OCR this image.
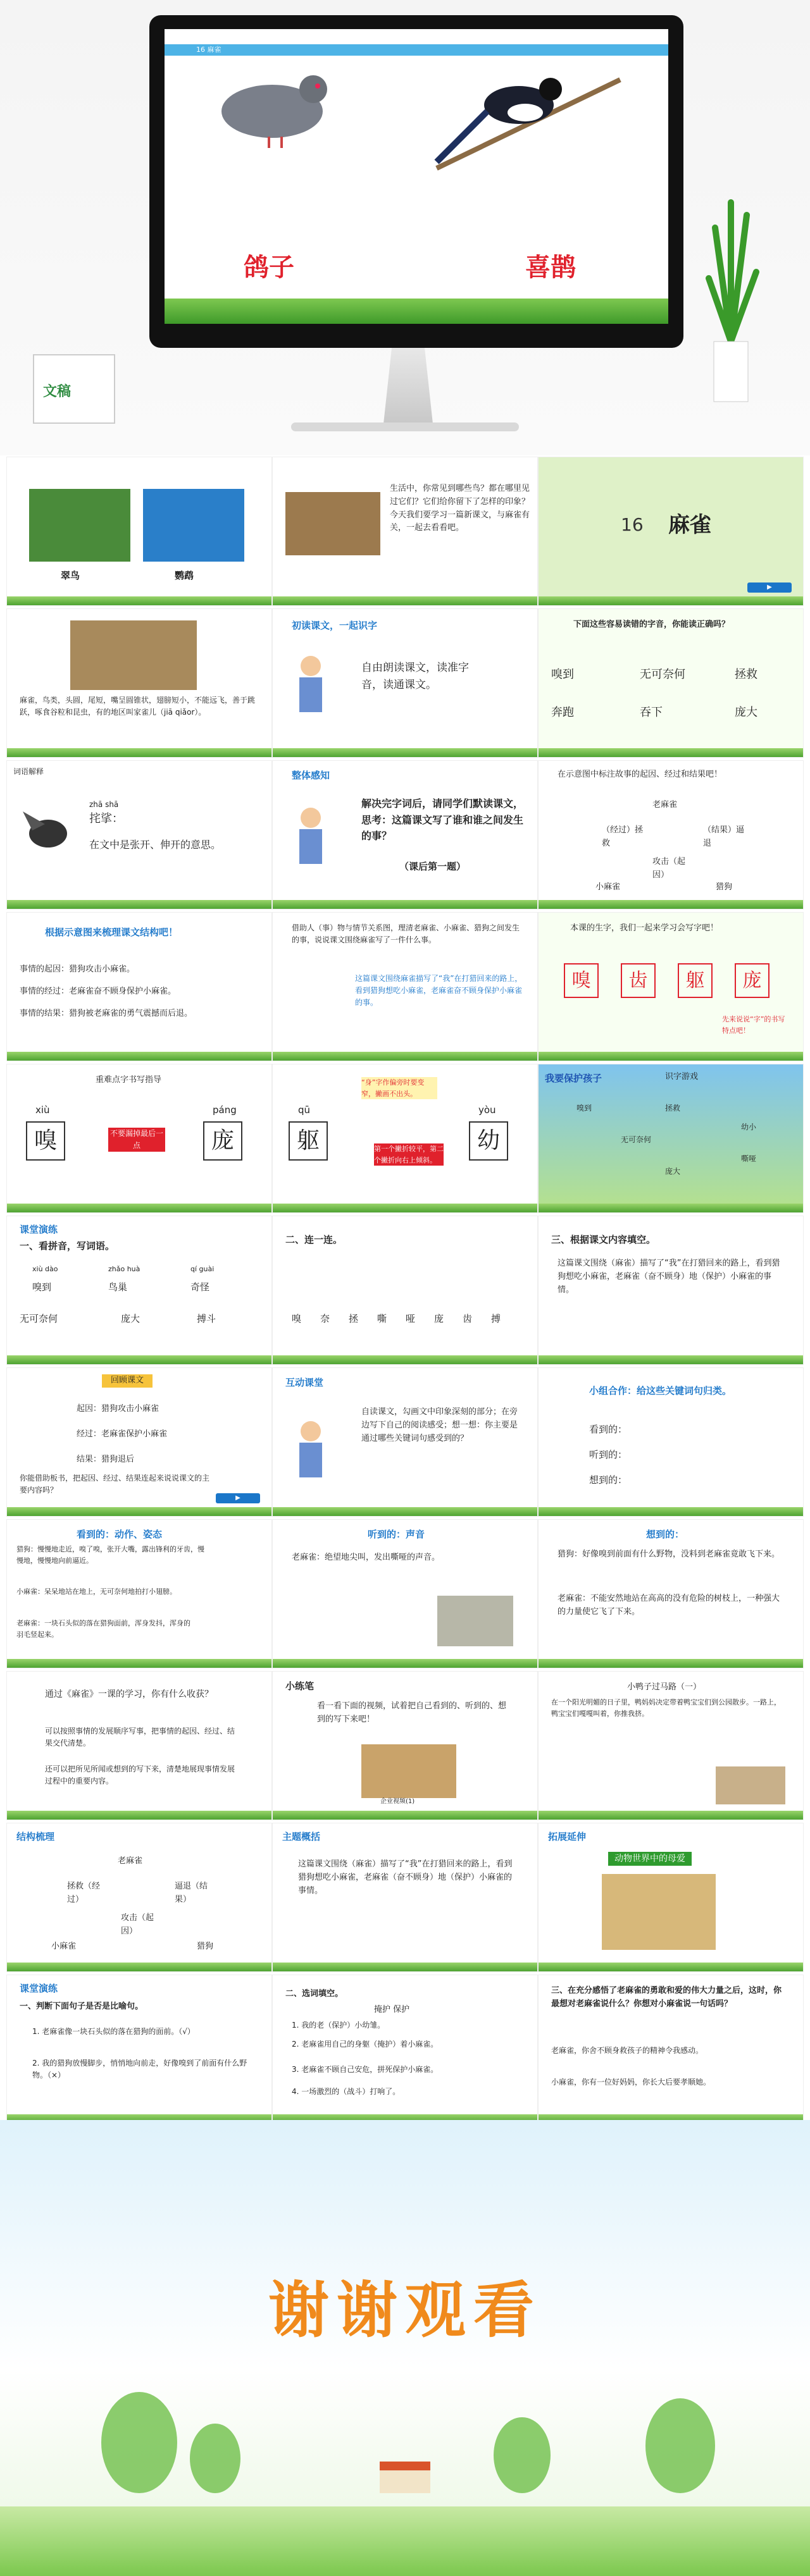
16 麻雀
鸽子	喜鹊
文稿
翠鸟	鹦鹉
生活中，你常见到哪些鸟？都在哪里见过它们？它们给你留下了怎样的印象？今天我们要学习一篇新课文，与麻雀有关，一起去看看吧。	16 麻雀
▶
麻雀，鸟类，头圆，尾短，嘴呈圆锥状，翅膀短小，不能远飞，善于跳跃，啄食谷粒和昆虫，有的地区叫家雀儿（jiā qiǎor）。
初读课文，一起识字
自由朗读课文，读准字音，读通课文。
下面这些容易读错的字音，你能读正确吗？
嗅到	无可奈何	拯救
奔跑	吞下	庞大
词语解释
zhā shā
挓挲：
在文中是张开、伸开的意思。
整体感知
解决完字词后，请同学们默读课文，思考：这篇课文写了谁和谁之间发生的事？
（课后第一题）
在示意图中标注故事的起因、经过和结果吧！
老麻雀
（经过）拯救
（结果）逼退
攻击（起因）
小麻雀	猎狗
根据示意图来梳理课文结构吧！
事情的起因：猎狗攻击小麻雀。
事情的经过：老麻雀奋不顾身保护小麻雀。
事情的结果：猎狗被老麻雀的勇气震撼而后退。
借助人（事）物与情节关系图，理清老麻雀、小麻雀、猎狗之间发生的事，说说课文围绕麻雀写了一件什么事。
这篇课文围绕麻雀描写了“我”在打猎回来的路上，看到猎狗想吃小麻雀，老麻雀奋不顾身保护小麻雀的事。
本课的生字，我们一起来学习会写字吧！
嗅	齿	躯	庞
先来说说“字”的书写特点吧！
重难点字书写指导
xiù
嗅	不要漏掉最后一点
páng
庞
qū
躯
“身”字作偏旁时要变窄，撇画不出头。
第一个撇折较平，第二个撇折向右上倾斜。
yòu
幼
我要保护孩子	识字游戏
嗅到	拯救
幼小
无可奈何
嘶哑
庞大
课堂演练
一、看拼音，写词语。
xiù dào	zhǎo huà	qí guài
嗅到	鸟巢	奇怪
无可奈何	庞大	搏斗
二、连一连。
嗅 奈 拯 嘶 哑 庞 齿 搏
三、根据课文内容填空。
这篇课文围绕（麻雀）描写了“我”在打猎回来的路上，看到猎狗想吃小麻雀，老麻雀（奋不顾身）地（保护）小麻雀的事情。
回顾课文
起因：猎狗攻击小麻雀
经过：老麻雀保护小麻雀
结果：猎狗退后
你能借助板书，把起因、经过、结果连起来说说课文的主要内容吗？
▶
互动课堂
自读课文，勾画文中印象深刻的部分；在旁边写下自己的阅读感受；想一想：你主要是通过哪些关键词句感受到的？
小组合作：给这些关键词句归类。
看到的：
听到的：
想到的：
看到的：动作、姿态
猎狗：慢慢地走近，嗅了嗅，张开大嘴，露出锋利的牙齿，慢慢地，慢慢地向前逼近。
小麻雀：呆呆地站在地上，无可奈何地拍打小翅膀。
老麻雀：一块石头似的落在猎狗面前，浑身发抖，浑身的羽毛竖起来。
听到的：声音
老麻雀：绝望地尖叫，发出嘶哑的声音。
想到的：
猎狗：好像嗅到前面有什么野物，没料到老麻雀竟敢飞下来。
老麻雀：不能安然地站在高高的没有危险的树枝上，一种强大的力量使它飞了下来。
通过《麻雀》一课的学习，你有什么收获？
可以按照事情的发展顺序写事，把事情的起因、经过、结果交代清楚。
还可以把所见所闻或想到的写下来，清楚地展现事情发展过程中的重要内容。
小练笔
看一看下面的视频，试着把自己看到的、听到的、想到的写下来吧！
企业视频(1)
小鸭子过马路（一）
在一个阳光明媚的日子里，鸭妈妈决定带着鸭宝宝们到公园散步。一路上，鸭宝宝们嘎嘎叫着，你推我挤。
结构梳理
老麻雀
拯救（经过）
逼退（结果）
攻击（起因）
小麻雀	猎狗
主题概括
这篇课文围绕（麻雀）描写了“我”在打猎回来的路上，看到猎狗想吃小麻雀，老麻雀（奋不顾身）地（保护）小麻雀的事情。
拓展延伸
动物世界中的母爱
课堂演练
一、判断下面句子是否是比喻句。
1. 老麻雀像一块石头似的落在猎狗的面前。（√）
2. 我的猎狗放慢脚步，悄悄地向前走，好像嗅到了前面有什么野物。（×）
二、选词填空。
掩护 保护
1. 我的老（保护）小幼雏。
2. 老麻雀用自己的身躯（掩护）着小麻雀。
3. 老麻雀不顾自己安危，拼死保护小麻雀。
4. 一场激烈的（战斗）打响了。
三、在充分感悟了老麻雀的勇敢和爱的伟大力量之后，这时，你最想对老麻雀说什么？你想对小麻雀说一句话吗？
老麻雀，你舍不顾身救孩子的精神令我感动。
小麻雀，你有一位好妈妈，你长大后要孝顺她。
谢谢观看
